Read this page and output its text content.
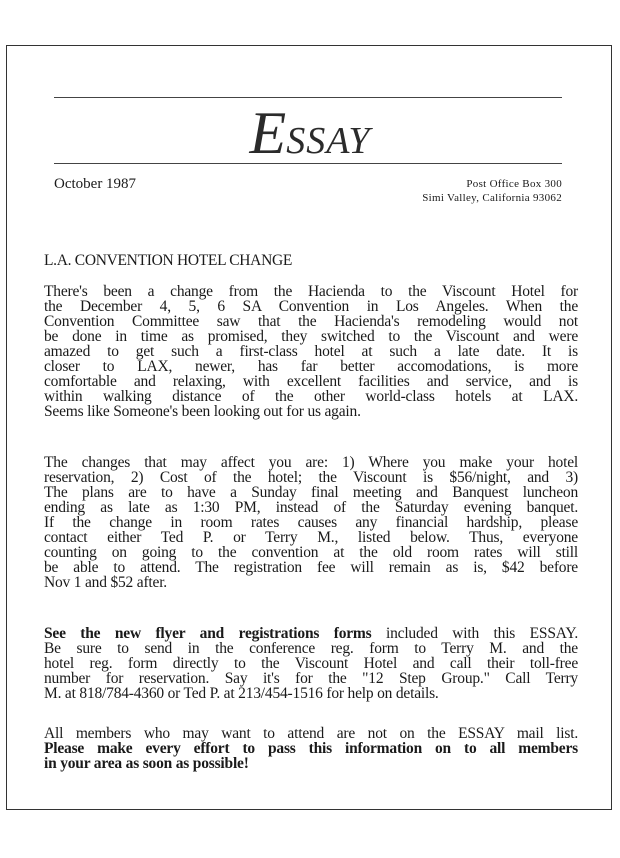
ESSAY
October 1987	Post Office Box 300
Simi Valley, California 93062
L.A. CONVENTION HOTEL CHANGE

There's been a change from the Hacienda to the Viscount Hotel for
the December 4, 5, 6 SA Convention in Los Angeles. When the
Convention Committee saw that the Hacienda's remodeling would not
be done in time as promised, they switched to the Viscount and were
amazed to get such a first-class hotel at such a late date. It is
closer to LAX, newer, has far better accomodations, is more
comfortable and relaxing, with excellent facilities and service, and is
within walking distance of the other world-class hotels at LAX.
Seems like Someone's been looking out for us again.

The changes that may affect you are: 1) Where you make your hotel
reservation, 2) Cost of the hotel; the Viscount is $56/night, and 3)
The plans are to have a Sunday final meeting and Banquest luncheon
ending as late as 1:30 PM, instead of the Saturday evening banquet.
If the change in room rates causes any financial hardship, please
contact either Ted P. or Terry M., listed below. Thus, everyone
counting on going to the convention at the old room rates will still
be able to attend. The registration fee will remain as is, $42 before
Nov 1 and $52 after.

See the new flyer and registrations forms included with this ESSAY.
Be sure to send in the conference reg. form to Terry M. and the
hotel reg. form directly to the Viscount Hotel and call their toll-free
number for reservation. Say it's for the "12 Step Group." Call Terry
M. at 818/784-4360 or Ted P. at 213/454-1516 for help on details.

All members who may want to attend are not on the ESSAY mail list.
Please make every effort to pass this information on to all members
in your area as soon as possible!
